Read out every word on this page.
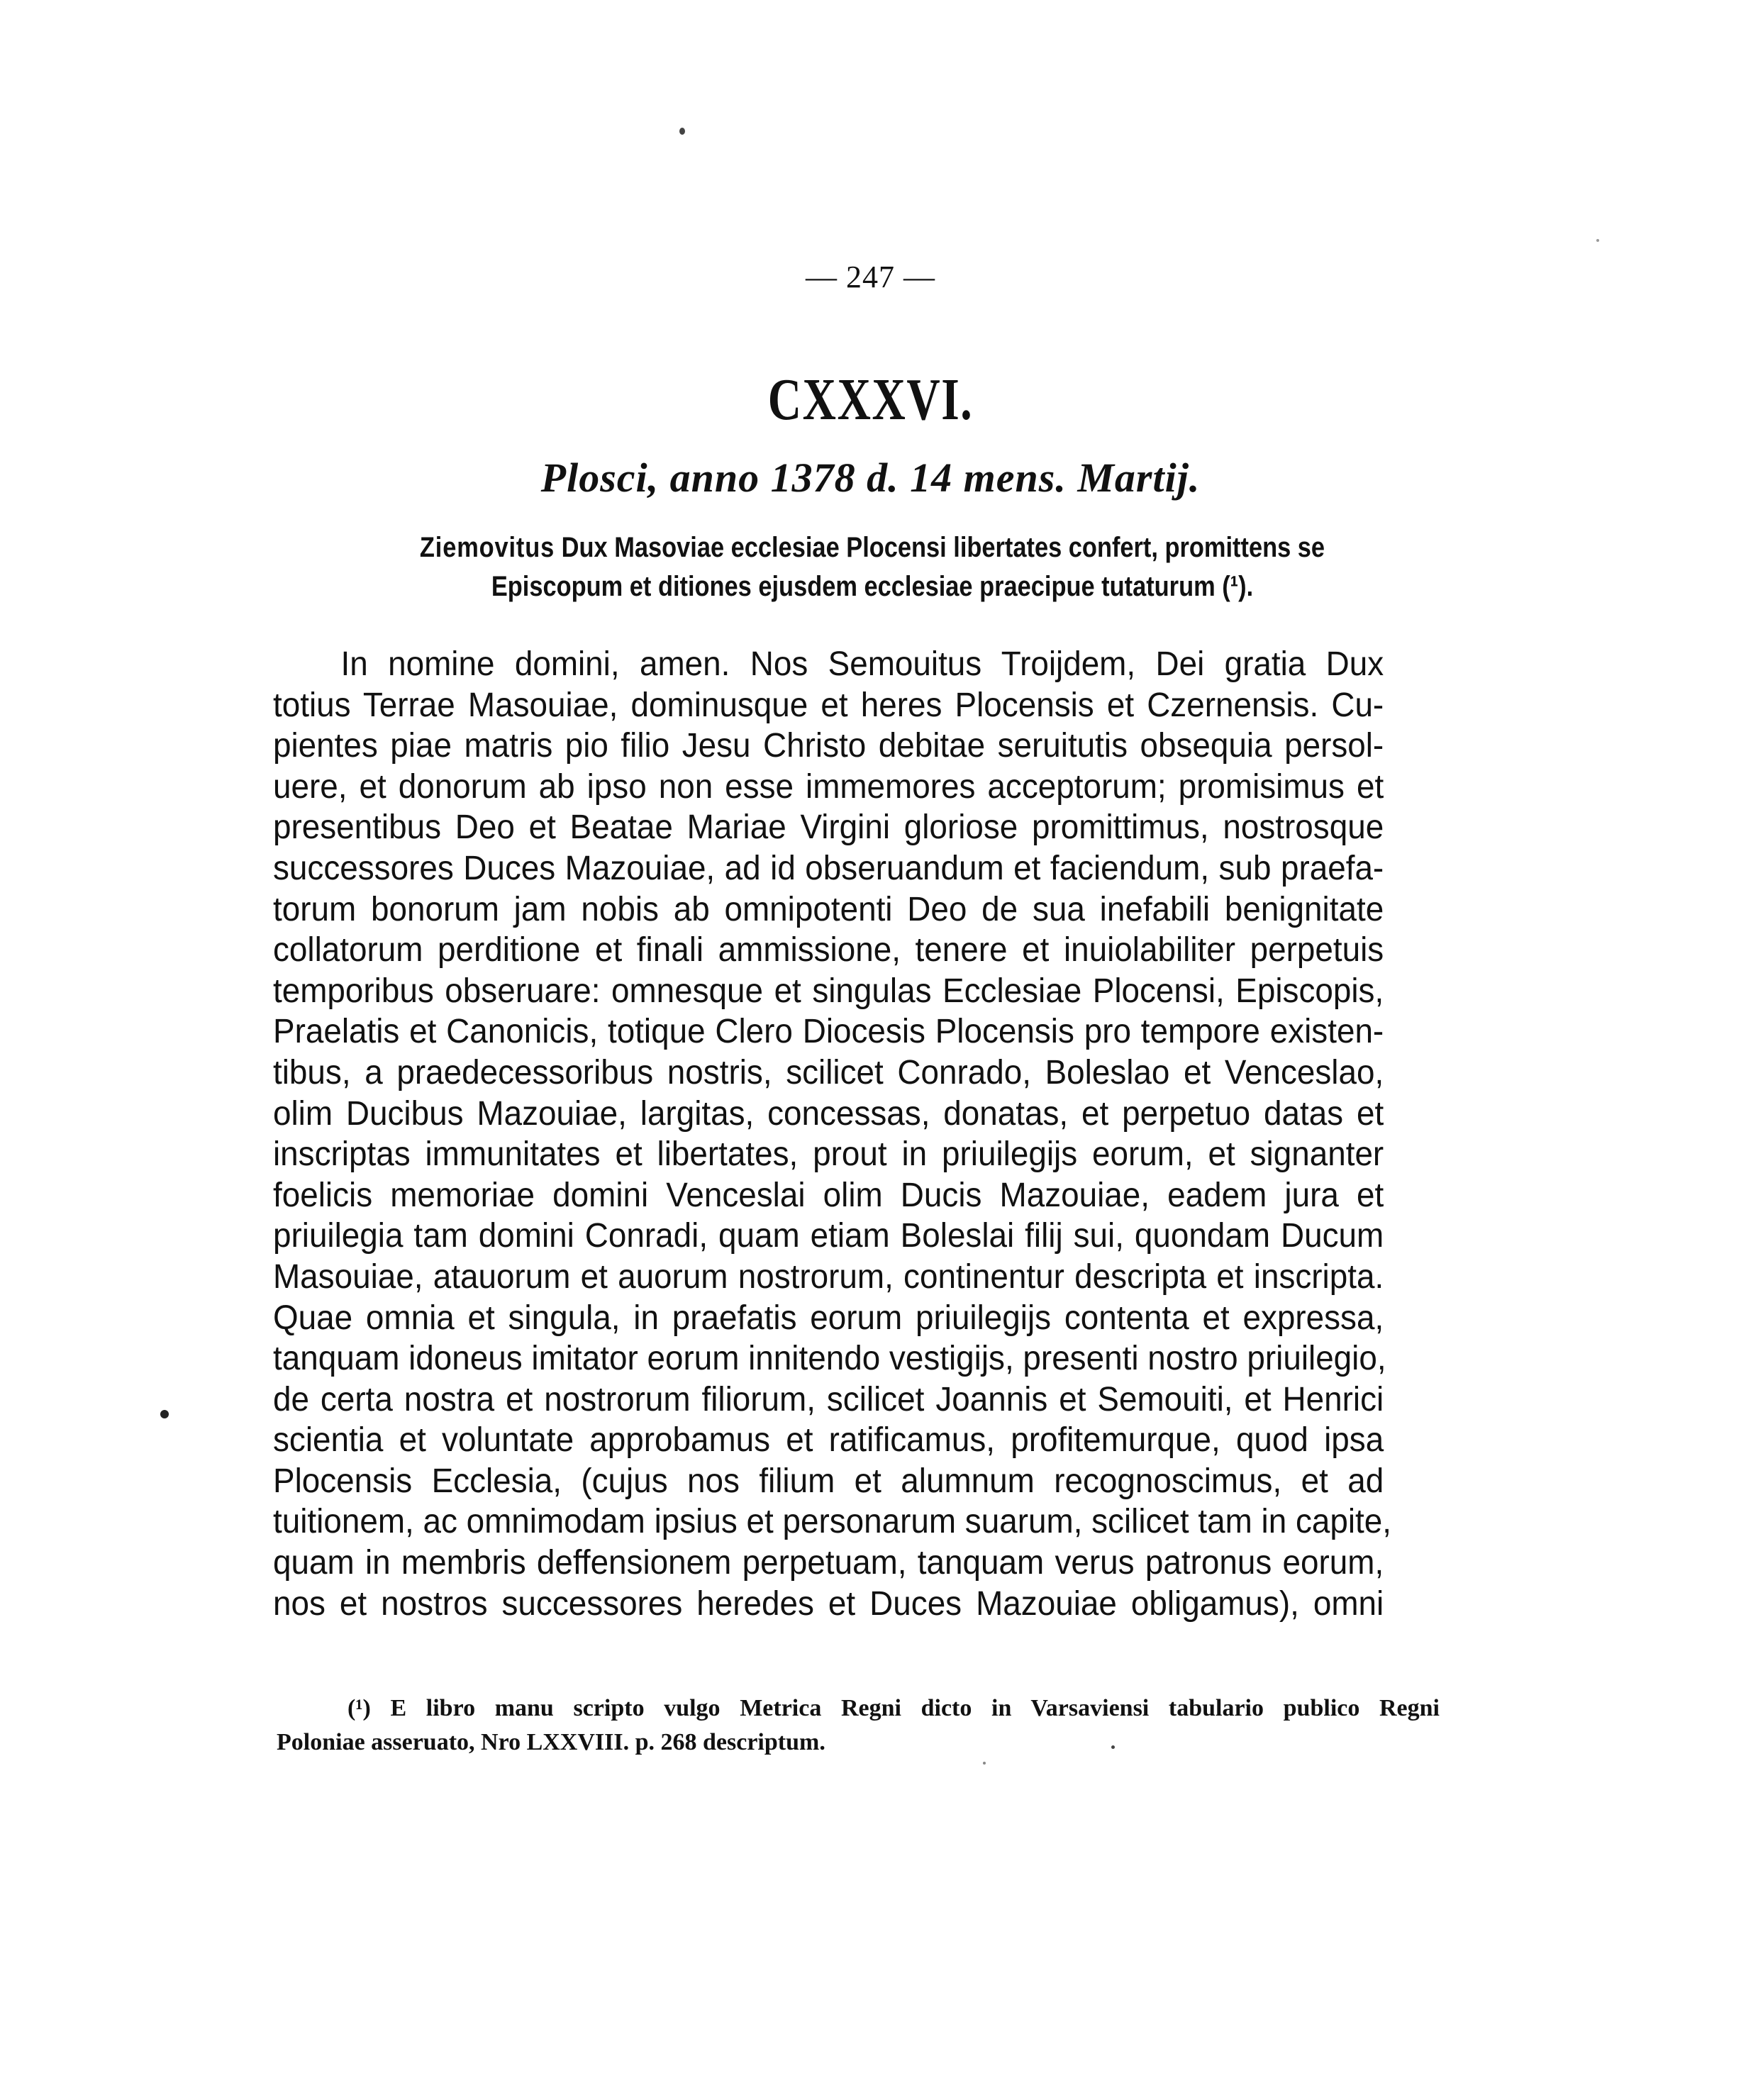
— 247 —
CXXXVI.
Plosci, anno 1378 d. 14 mens. Martij.
Ziemovitus Dux Masoviae ecclesiae Plocensi libertates confert, promittens se
Episcopum et ditiones ejusdem ecclesiae praecipue tutaturum (¹).
In nomine domini, amen. Nos Semouitus Troijdem, Dei gratia Dux
totius Terrae Masouiae, dominusque et heres Plocensis et Czernensis. Cu-
pientes piae matris pio filio Jesu Christo debitae seruitutis obsequia persol-
uere, et donorum ab ipso non esse immemores acceptorum; promisimus et
presentibus Deo et Beatae Mariae Virgini gloriose promittimus, nostrosque
successores Duces Mazouiae, ad id obseruandum et faciendum, sub praefa-
torum bonorum jam nobis ab omnipotenti Deo de sua inefabili benignitate
collatorum perditione et finali ammissione, tenere et inuiolabiliter perpetuis
temporibus obseruare: omnesque et singulas Ecclesiae Plocensi, Episcopis,
Praelatis et Canonicis, totique Clero Diocesis Plocensis pro tempore existen-
tibus, a praedecessoribus nostris, scilicet Conrado, Boleslao et Venceslao,
olim Ducibus Mazouiae, largitas, concessas, donatas, et perpetuo datas et
inscriptas immunitates et libertates, prout in priuilegijs eorum, et signanter
foelicis memoriae domini Venceslai olim Ducis Mazouiae, eadem jura et
priuilegia tam domini Conradi, quam etiam Boleslai filij sui, quondam Ducum
Masouiae, atauorum et auorum nostrorum, continentur descripta et inscripta.
Quae omnia et singula, in praefatis eorum priuilegijs contenta et expressa,
tanquam idoneus imitator eorum innitendo vestigijs, presenti nostro priuilegio,
de certa nostra et nostrorum filiorum, scilicet Joannis et Semouiti, et Henrici
scientia et voluntate approbamus et ratificamus, profitemurque, quod ipsa
Plocensis Ecclesia, (cujus nos filium et alumnum recognoscimus, et ad
tuitionem, ac omnimodam ipsius et personarum suarum, scilicet tam in capite,
quam in membris deffensionem perpetuam, tanquam verus patronus eorum,
nos et nostros successores heredes et Duces Mazouiae obligamus), omni
(¹) E libro manu scripto vulgo Metrica Regni dicto in Varsaviensi tabulario publico Regni
Poloniae asseruato, Nro LXXVIII. p. 268 descriptum.
